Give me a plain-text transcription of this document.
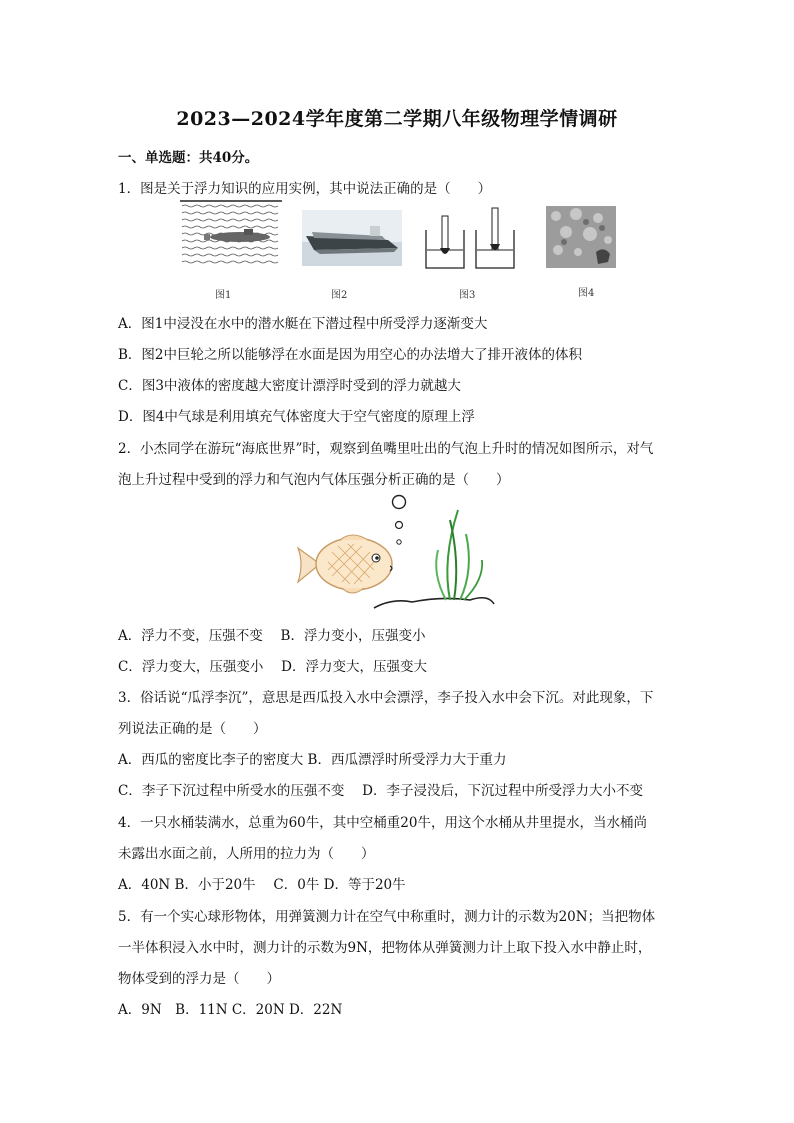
2023—2024学年度第二学期八年级物理学情调研
一、单选题：共40分。
1．图是关于浮力知识的应用实例，其中说法正确的是（　　）
图1	图2	图3	图4
A．图1中浸没在水中的潜水艇在下潜过程中所受浮力逐渐变大
B．图2中巨轮之所以能够浮在水面是因为用空心的办法增大了排开液体的体积
C．图3中液体的密度越大密度计漂浮时受到的浮力就越大
D．图4中气球是利用填充气体密度大于空气密度的原理上浮
2．小杰同学在游玩“海底世界”时，观察到鱼嘴里吐出的气泡上升时的情况如图所示，对气
泡上升过程中受到的浮力和气泡内气体压强分析正确的是（　　）
A．浮力不变，压强不变　 B．浮力变小，压强变小
C．浮力变大，压强变小　 D．浮力变大，压强变大
3．俗话说“瓜浮李沉”，意思是西瓜投入水中会漂浮，李子投入水中会下沉。对此现象，下
列说法正确的是（　　）
A．西瓜的密度比李子的密度大 B．西瓜漂浮时所受浮力大于重力
C．李子下沉过程中所受水的压强不变　 D．李子浸没后，下沉过程中所受浮力大小不变
4．一只水桶装满水，总重为60牛，其中空桶重20牛，用这个水桶从井里提水，当水桶尚
未露出水面之前，人所用的拉力为（　　）
A．40N B．小于20牛　 C．0牛 D．等于20牛
5．有一个实心球形物体，用弹簧测力计在空气中称重时，测力计的示数为20N；当把物体
一半体积浸入水中时，测力计的示数为9N，把物体从弹簧测力计上取下投入水中静止时，
物体受到的浮力是（　　）
A．9N　B．11N C．20N D．22N
